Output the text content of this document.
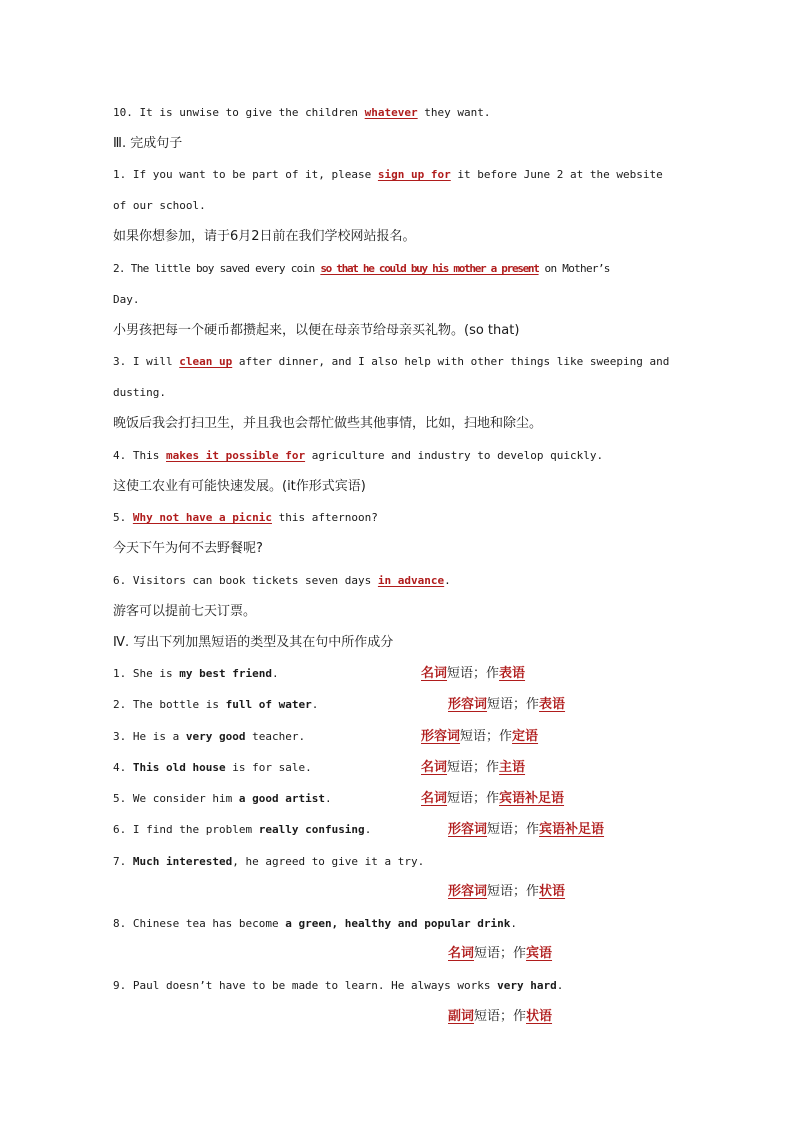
10. It is unwise to give the children whatever they want.

Ⅲ. 完成句子

1. If you want to be part of it, please sign up for it before June 2 at the website

of our school.

如果你想参加，请于6月2日前在我们学校网站报名。

2. The little boy saved every coin so that he could buy his mother a present on Mother’s

Day.

小男孩把每一个硬币都攒起来，以便在母亲节给母亲买礼物。(so that)

3. I will clean up after dinner, and I also help with other things like sweeping and

dusting.

晚饭后我会打扫卫生，并且我也会帮忙做些其他事情，比如，扫地和除尘。

4. This makes it possible for agriculture and industry to develop quickly.

这使工农业有可能快速发展。(it作形式宾语)

5. Why not have a picnic this afternoon?

今天下午为何不去野餐呢?

6. Visitors can book tickets seven days in advance.

游客可以提前七天订票。

Ⅳ. 写出下列加黑短语的类型及其在句中所作成分

1. She is my best friend.	名词短语；作表语

2. The bottle is full of water.	形容词短语；作表语

3. He is a very good teacher.	形容词短语；作定语

4. This old house is for sale.	名词短语；作主语

5. We consider him a good artist.	名词短语；作宾语补足语

6. I find the problem really confusing.	形容词短语；作宾语补足语

7. Much interested, he agreed to give it a try.

形容词短语；作状语

8. Chinese tea has become a green, healthy and popular drink.

名词短语；作宾语

9. Paul doesn’t have to be made to learn. He always works very hard.

副词短语；作状语
